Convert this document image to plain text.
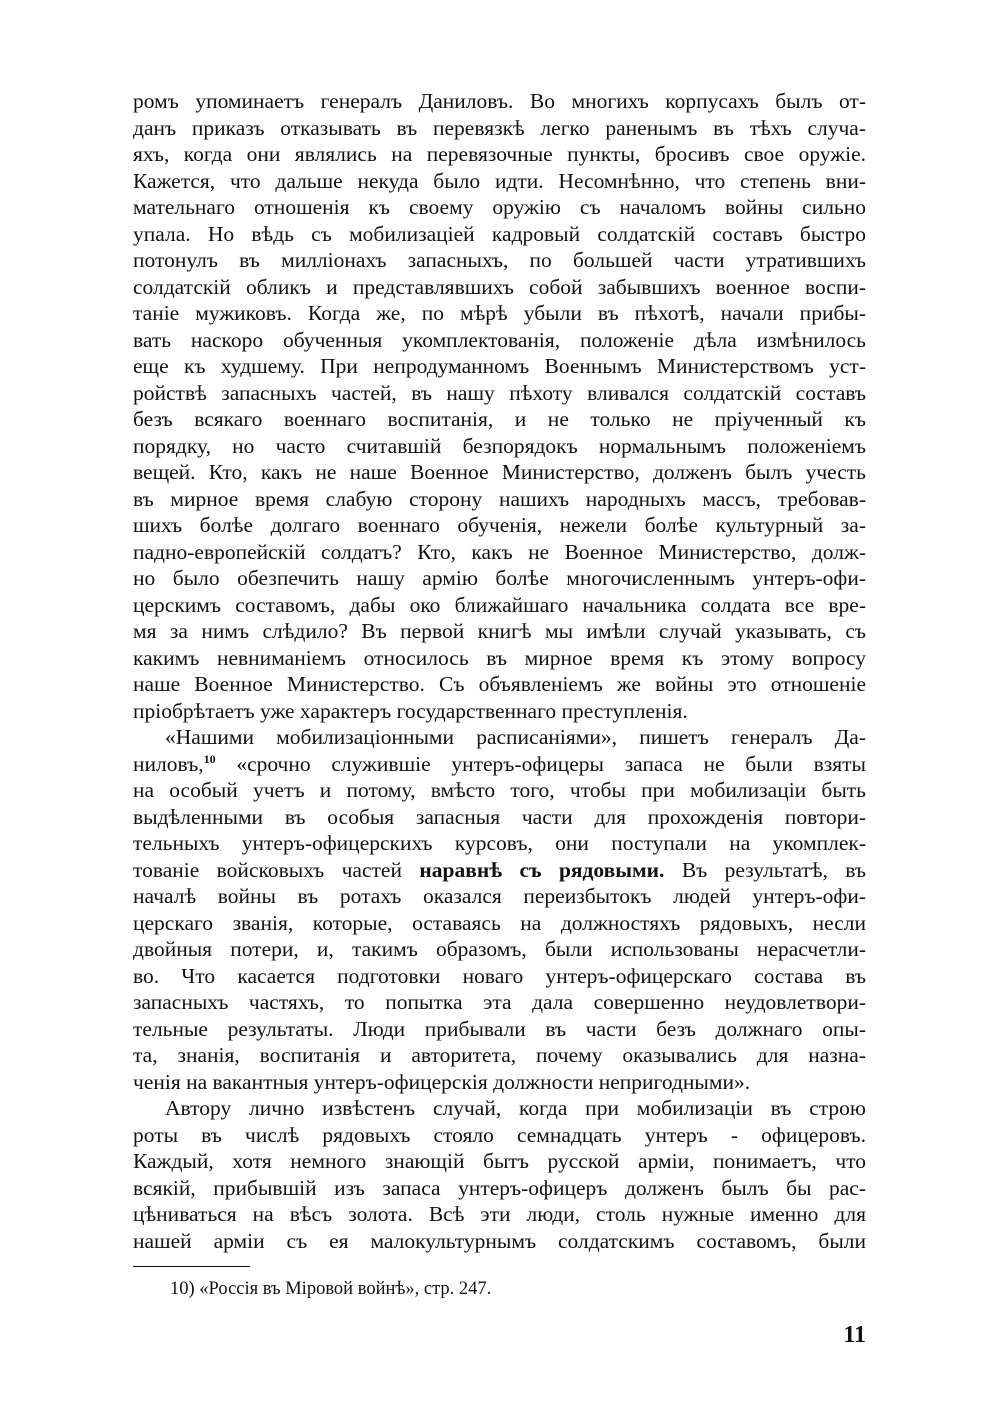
ромъ упоминаетъ генералъ Даниловъ. Во многихъ корпусахъ былъ от-
данъ приказъ отказывать въ перевязкѣ легко раненымъ въ тѣхъ случа-
яхъ, когда они являлись на перевязочные пункты, бросивъ свое оружіе.
Кажется, что дальше некуда было идти. Несомнѣнно, что степень вни-
мательнаго отношенія къ своему оружію съ началомъ войны сильно
упала. Но вѣдь съ мобилизацiей кадровый солдатскій составъ быстро
потонулъ въ милліонахъ запасныхъ, по большей части утратившихъ
солдатскій обликъ и представлявшихъ собой забывшихъ военное воспи-
таніе мужиковъ. Когда же, по мѣрѣ убыли въ пѣхотѣ, начали прибы-
вать наскоро обученныя укомплектованія, положеніе дѣла измѣнилось
еще къ худшему. При непродуманномъ Военнымъ Министерствомъ уст-
ройствѣ запасныхъ частей, въ нашу пѣхоту вливался солдатскій составъ
безъ всякаго военнаго воспитанія, и не только не пріученный къ
порядку, но часто считавшій безпорядокъ нормальнымъ положеніемъ
вещей. Кто, какъ не наше Военное Министерство, долженъ былъ учесть
въ мирное время слабую сторону нашихъ народныхъ массъ, требовав-
шихъ болѣе долгаго военнаго обученія, нежели болѣе культурный за-
падно-европейскій солдатъ? Кто, какъ не Военное Министерство, долж-
но было обезпечить нашу армію болѣе многочисленнымъ унтеръ-офи-
церскимъ составомъ, дабы око ближайшаго начальника солдата все вре-
мя за нимъ слѣдило? Въ первой книгѣ мы имѣли случай указывать, съ
какимъ невниманіемъ относилось въ мирное время къ этому вопросу
наше Военное Министерство. Съ объявленіемъ же войны это отношеніе
пріобрѣтаетъ уже характеръ государственнаго преступленія.
«Нашими мобилизаціонными расписаніями», пишетъ генералъ Да-
ниловъ,$^{10}$ «срочно служившіе унтеръ-офицеры запаса не были взяты
на особый учетъ и потому, вмѣсто того, чтобы при мобилизаціи быть
выдѣленными въ особыя запасныя части для прохожденія повтори-
тельныхъ унтеръ-офицерскихъ курсовъ, они поступали на укомплек-
тованіе войсковыхъ частей наравнѣ съ рядовыми. Въ результатѣ, въ
началѣ войны въ ротахъ оказался переизбытокъ людей унтеръ-офи-
церскаго званія, которые, оставаясь на должностяхъ рядовыхъ, несли
двойныя потери, и, такимъ образомъ, были использованы нерасчетли-
во. Что касается подготовки новаго унтеръ-офицерскаго состава въ
запасныхъ частяхъ, то попытка эта дала совершенно неудовлетвори-
тельные результаты. Люди прибывали въ части безъ должнаго опы-
та, знанія, воспитанія и авторитета, почему оказывались для назна-
ченія на вакантныя унтеръ-офицерскія должности непригодными».
Автору лично извѣстенъ случай, когда при мобилизаціи въ строю
роты въ числѣ рядовыхъ стояло семнадцать унтеръ - офицеровъ.
Каждый, хотя немного знающій бытъ русской арміи, понимаетъ, что
всякій, прибывшій изъ запаса унтеръ-офицеръ долженъ былъ бы рас-
цѣниваться на вѣсъ золота. Всѣ эти люди, столь нужные именно для
нашей арміи съ ея малокультурнымъ солдатскимъ составомъ, были
10) «Россія въ Міровой войнѣ», стр. 247.
11
